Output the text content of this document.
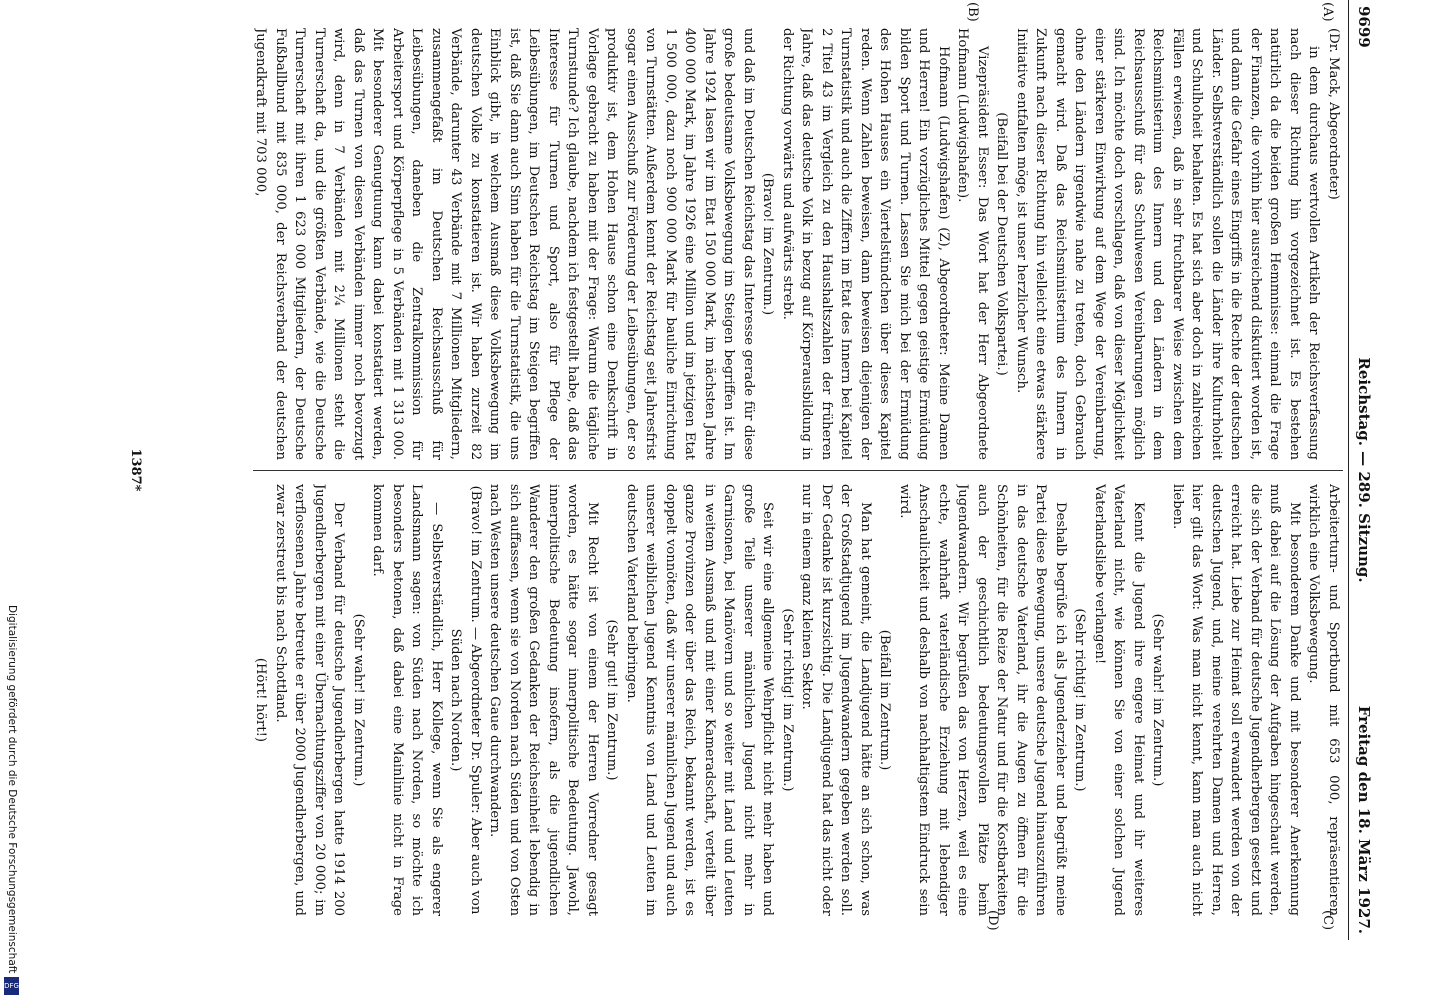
9699
Reichstag. — 289. Sitzung.
Freitag den 18. März 1927.

(Dr. Mack, Abgeordneter)

in dem durchaus wertvollen Artikeln der Reichsverfassung nach dieser Richtung hin vorgezeichnet ist. Es bestehen natürlich da die beiden großen Hemmnisse: einmal die Frage der Finanzen, die vorhin hier ausreichend diskutiert worden ist, und dann die Gefahr eines Eingriffs in die Rechte der deutschen Länder. Selbstverständlich sollen die Länder ihre Kulturhoheit und Schulhoheit behalten. Es hat sich aber doch in zahlreichen Fällen erwiesen, daß in sehr fruchtbarer Weise zwischen dem Reichsministerium des Innern und den Ländern in dem Reichsausschuß für das Schulwesen Vereinbarungen möglich sind. Ich möchte doch vorschlagen, daß von dieser Möglichkeit einer stärkeren Einwirkung auf dem Wege der Vereinbarung, ohne den Ländern irgendwie nahe zu treten, doch Gebrauch gemacht wird. Daß das Reichsministerium des Innern in Zukunft nach dieser Richtung hin vielleicht eine etwas stärkere Initiative entfalten möge, ist unser herzlicher Wunsch.

(Beifall bei der Deutschen Volkspartei.)

Vizepräsident Esser: Das Wort hat der Herr Abgeordnete Hofmann (Ludwigshafen).

Hofmann (Ludwigshafen) (Z), Abgeordneter: Meine Damen und Herren! Ein vorzügliches Mittel gegen geistige Ermüdung bilden Sport und Turnen. Lassen Sie mich bei der Ermüdung des Hohen Hauses ein Viertelstündchen über dieses Kapitel reden. Wenn Zahlen beweisen, dann beweisen diejenigen der Turnstatistik und auch die Ziffern im Etat des Innern bei Kapitel 2 Titel 43 im Vergleich zu den Haushaltszahlen der früheren Jahre, daß das deutsche Volk in bezug auf Körperausbildung in der Richtung vorwärts und aufwärts strebt.

(Bravo! im Zentrum.)

und daß im Deutschen Reichstag das Interesse gerade für diese große bedeutsame Volksbewegung im Steigen begriffen ist. Im Jahre 1924 lasen wir im Etat 150 000 Mark, im nächsten Jahre 400 000 Mark, im Jahre 1926 eine Million und im jetzigen Etat 1 500 000, dazu noch 900 000 Mark für bauliche Einrichtung von Turnstätten. Außerdem kennt der Reichstag seit Jahresfrist sogar einen Ausschuß zur Förderung der Leibesübungen, der so produktiv ist, dem Hohen Hause schon eine Denkschrift in Vorlage gebracht zu haben mit der Frage: Warum die tägliche Turnstunde? Ich glaube, nachdem ich festgestellt habe, daß das Interesse für Turnen und Sport, also für Pflege der Leibesübungen, im Deutschen Reichstag im Steigen begriffen ist, daß Sie dann auch Sinn haben für die Turnstatistik, die uns Einblick gibt, in welchem Ausmaß diese Volksbewegung im deutschen Volke zu konstatieren ist. Wir haben zurzeit 82 Verbände, darunter 43 Verbände mit 7 Millionen Mitgliedern, zusammengefaßt im Deutschen Reichsausschuß für Leibesübungen, daneben die Zentralkommission für Arbeitersport und Körperpflege in 5 Verbänden mit 1 313 000. Mit besonderer Genugtuung kann dabei konstatiert werden, daß das Turnen von diesen Verbänden immer noch bevorzugt wird, denn in 7 Verbänden mit 2¼ Millionen steht die Turnerschaft da, und die größten Verbände, wie die Deutsche Turnerschaft mit ihren 1 623 000 Mitgliedern, der Deutsche Fußballbund mit 835 000, der Reichsverband der deutschen Jugendkraft mit 703 000,

Arbeiterturn- und Sportbund mit 653 000, repräsentieren wirklich eine Volksbewegung.

Mit besonderem Danke und mit besonderer Anerkennung muß dabei auf die Lösung der Aufgaben hingeschaut werden, die sich der Verband für deutsche Jugendherbergen gesetzt und erreicht hat. Liebe zur Heimat soll erwandert werden von der deutschen Jugend, und, meine verehrten Damen und Herren, hier gilt das Wort: Was man nicht kennt, kann man auch nicht lieben.

(Sehr wahr! im Zentrum.)

Kennt die Jugend ihre engere Heimat und ihr weiteres Vaterland nicht, wie können Sie von einer solchen Jugend Vaterlandsliebe verlangen!

(Sehr richtig! im Zentrum.)

Deshalb begrüße ich als Jugenderzieher und begrüßt meine Partei diese Bewegung, unsere deutsche Jugend hinauszuführen in das deutsche Vaterland, ihr die Augen zu öffnen für die Schönheiten, für die Reize der Natur und für die Kostbarkeiten auch der geschichtlich bedeutungsvollen Plätze beim Jugendwandern. Wir begrüßen das von Herzen, weil es eine echte, wahrhaft vaterländische Erziehung mit lebendiger Anschaulichkeit und deshalb von nachhaltigstem Eindruck sein wird.

(Beifall im Zentrum.)

Man hat gemeint, die Landjugend hätte an sich schon, was der Großstadtjugend im Jugendwandern gegeben werden soll. Der Gedanke ist kurzsichtig. Die Landjugend hat das nicht oder nur in einem ganz kleinen Sektor.

(Sehr richtig! im Zentrum.)

Seit wir eine allgemeine Wehrpflicht nicht mehr haben und große Teile unserer männlichen Jugend nicht mehr in Garnisonen, bei Manövern und so weiter mit Land und Leuten in weitem Ausmaß und mit einer Kameradschaft, verteilt über ganze Provinzen oder über das Reich, bekannt werden, ist es doppelt vonnöten, daß wir unserer männlichen Jugend und auch unserer weiblichen Jugend Kenntnis von Land und Leuten im deutschen Vaterland beibringen.

(Sehr gut! im Zentrum.)

Mit Recht ist von einem der Herren Vorredner gesagt worden, es hätte sogar innerpolitische Bedeutung. Jawohl, innerpolitische Bedeutung insofern, als die jugendlichen Wanderer den großen Gedanken der Reichseinheit lebendig in sich auffassen, wenn sie von Norden nach Süden und von Osten nach Westen unsere deutschen Gaue durchwandern.

(Bravo! im Zentrum. — Abgeordneter Dr. Spuler: Aber auch von Süden nach Norden.)

— Selbstverständlich, Herr Kollege, wenn Sie als engerer Landsmann sagen: von Süden nach Norden, so möchte ich besonders betonen, daß dabei eine Mainlinie nicht in Frage kommen darf.

(Sehr wahr! im Zentrum.)

Der Verband für deutsche Jugendherbergen hatte 1914 200 Jugendherbergen mit einer Übernachtungsziffer von 20 000; im verflossenen Jahre betreute er über 2000 Jugendherbergen, und zwar zerstreut bis nach Schottland.

(Hört! hört!)

(A)
(B)
(C)
(D)
1387*
Digitalisierung gefördert durch die Deutsche Forschungsgemeinschaft
DFG
